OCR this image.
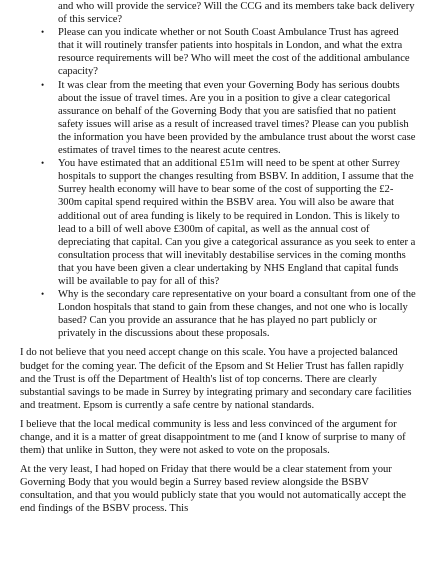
and who will provide the service? Will the CCG and its members take back delivery of this service?
• Please can you indicate whether or not South Coast Ambulance Trust has agreed that it will routinely transfer patients into hospitals in London, and what the extra resource requirements will be? Who will meet the cost of the additional ambulance capacity?
• It was clear from the meeting that even your Governing Body has serious doubts about the issue of travel times. Are you in a position to give a clear categorical assurance on behalf of the Governing Body that you are satisfied that no patient safety issues will arise as a result of increased travel times? Please can you publish the information you have been provided by the ambulance trust about the worst case estimates of travel times to the nearest acute centres.
• You have estimated that an additional £51m will need to be spent at other Surrey hospitals to support the changes resulting from BSBV. In addition, I assume that the Surrey health economy will have to bear some of the cost of supporting the £2-300m capital spend required within the BSBV area. You will also be aware that additional out of area funding is likely to be required in London. This is likely to lead to a bill of well above £300m of capital, as well as the annual cost of depreciating that capital. Can you give a categorical assurance as you seek to enter a consultation process that will inevitably destabilise services in the coming months that you have been given a clear undertaking by NHS England that capital funds will be available to pay for all of this?
• Why is the secondary care representative on your board a consultant from one of the London hospitals that stand to gain from these changes, and not one who is locally based? Can you provide an assurance that he has played no part publicly or privately in the discussions about these proposals.

I do not believe that you need accept change on this scale. You have a projected balanced budget for the coming year. The deficit of the Epsom and St Helier Trust has fallen rapidly and the Trust is off the Department of Health's list of top concerns. There are clearly substantial savings to be made in Surrey by integrating primary and secondary care facilities and treatment. Epsom is currently a safe centre by national standards.

I believe that the local medical community is less and less convinced of the argument for change, and it is a matter of great disappointment to me (and I know of surprise to many of them) that unlike in Sutton, they were not asked to vote on the proposals.

At the very least, I had hoped on Friday that there would be a clear statement from your Governing Body that you would begin a Surrey based review alongside the BSBV consultation, and that you would publicly state that you would not automatically accept the end findings of the BSBV process. This
